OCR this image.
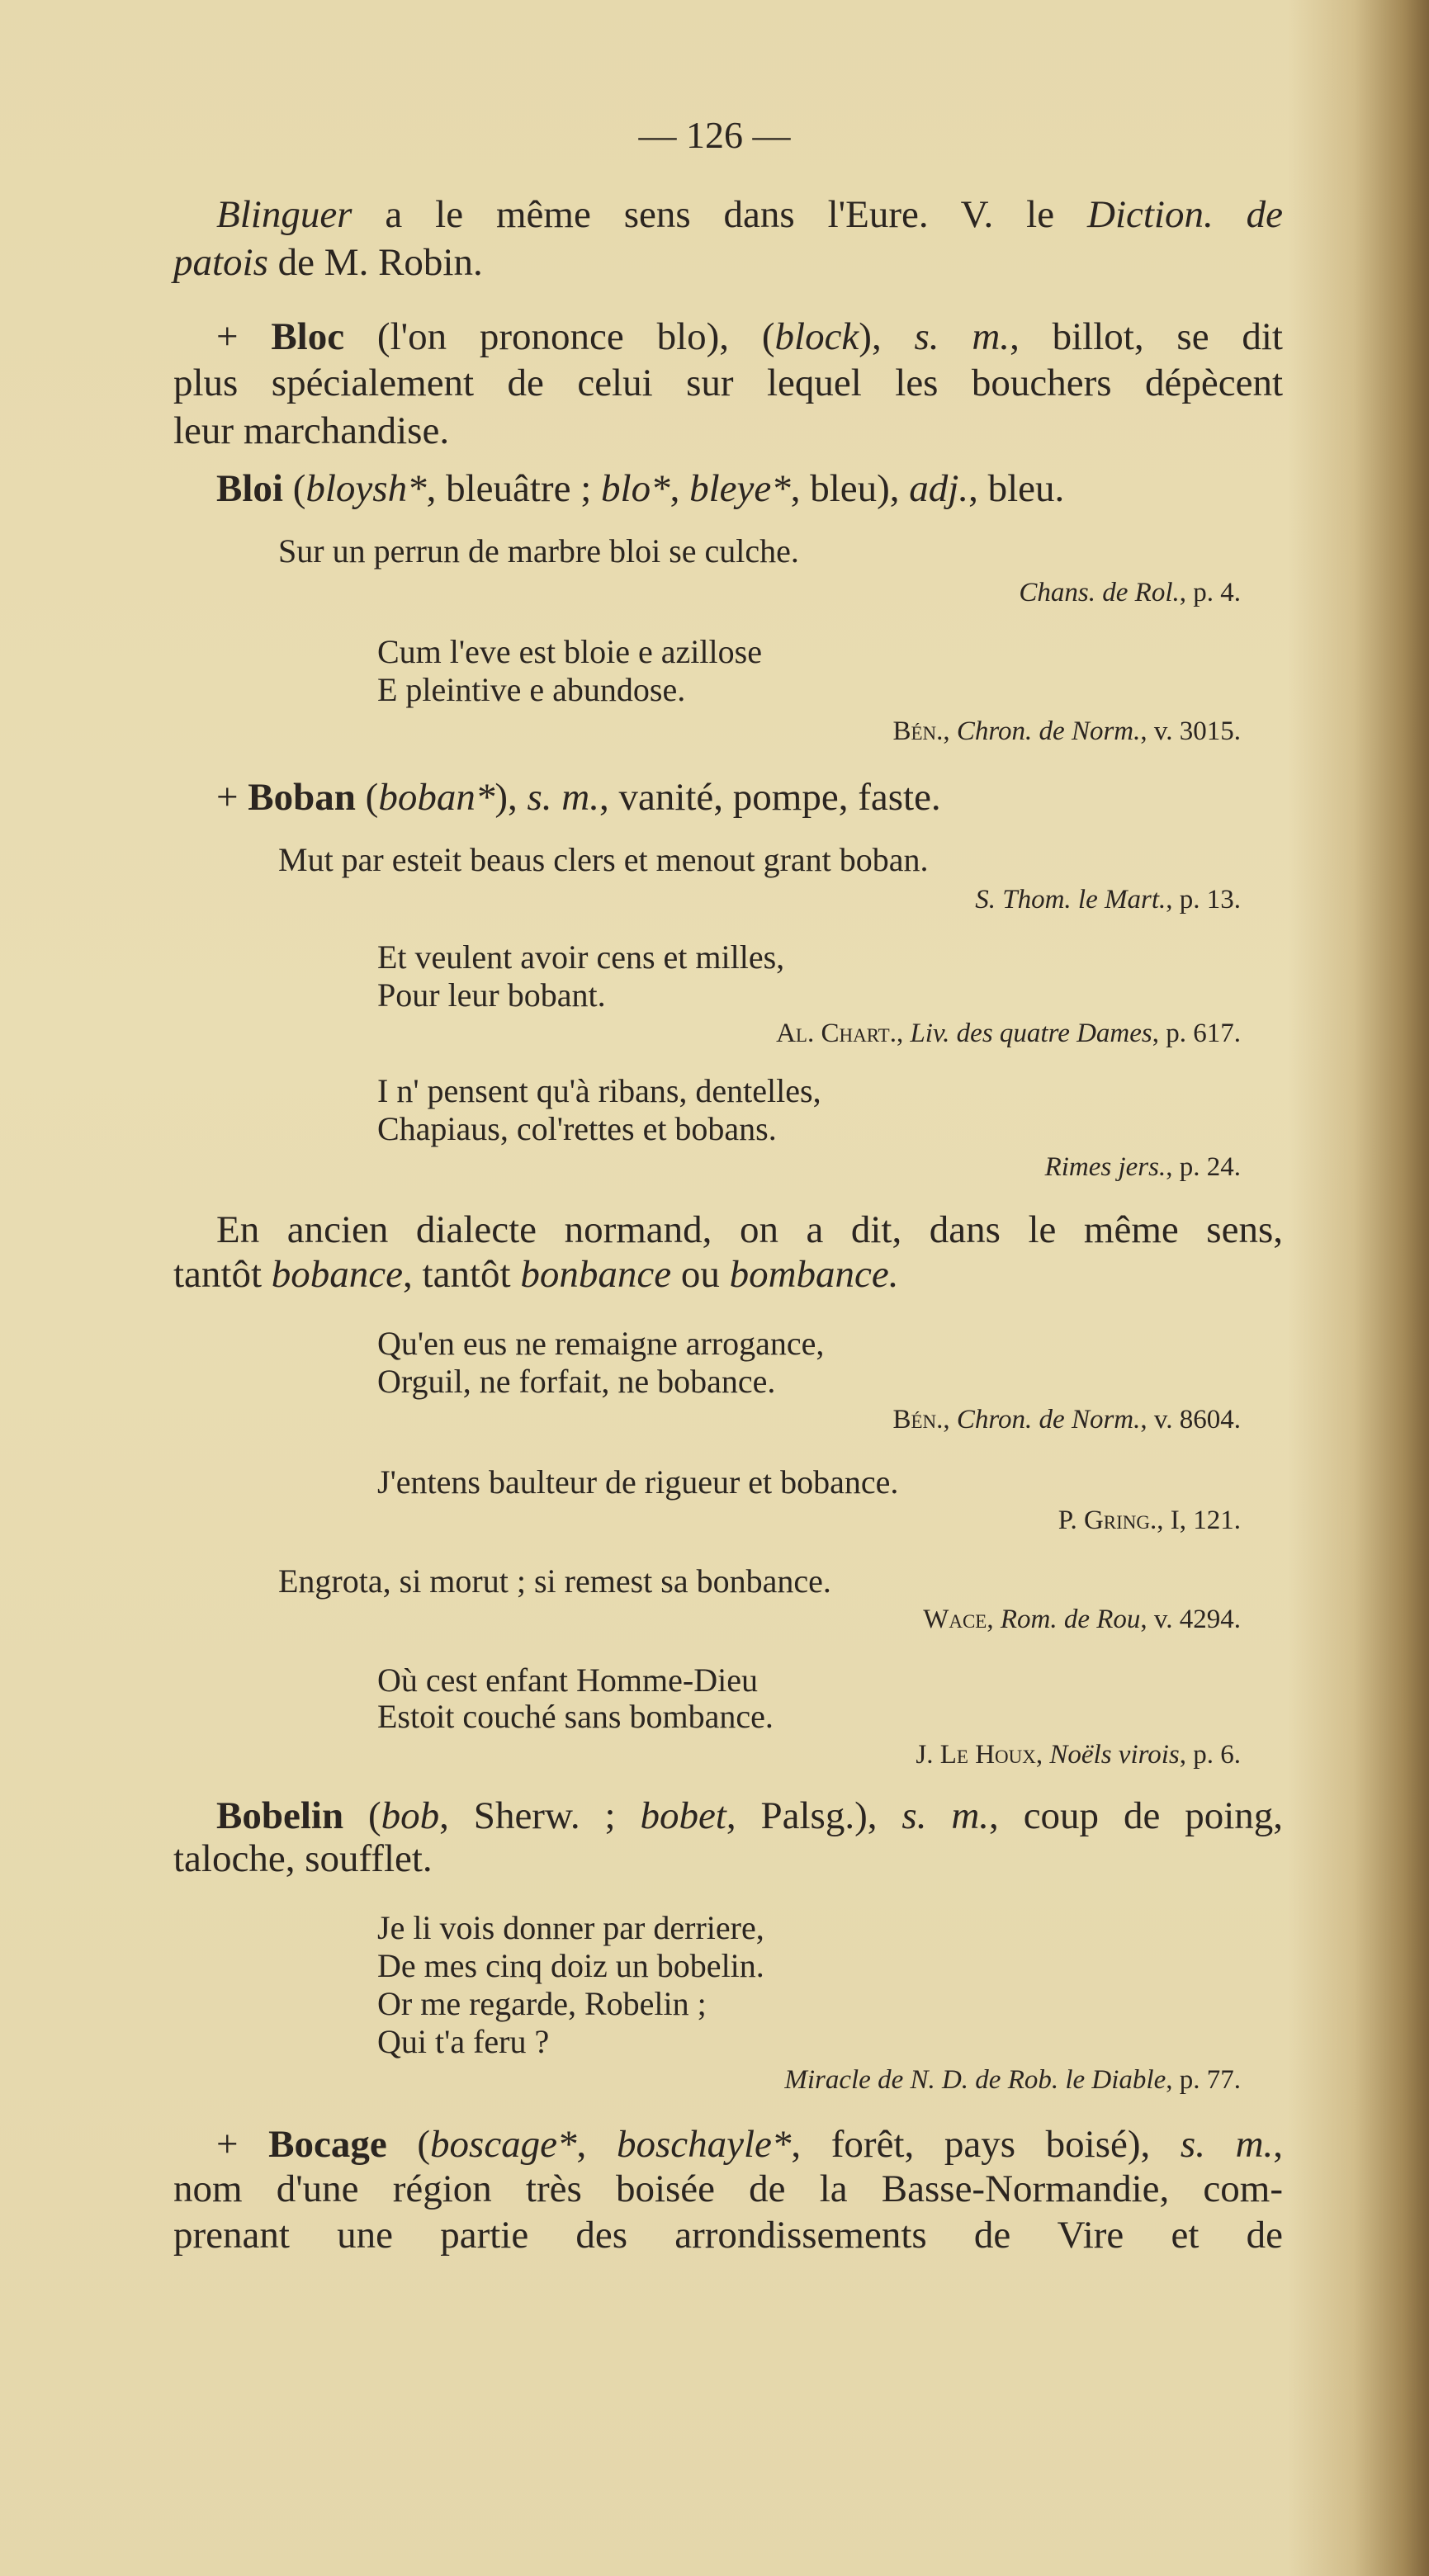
— 126 —
Blinguer a le même sens dans l'Eure. V. le Diction. de
patois de M. Robin.
+ Bloc (l'on prononce blo), (block), s. m., billot, se dit
plus spécialement de celui sur lequel les bouchers dépècent
leur marchandise.
Bloi (bloysh*, bleuâtre ; blo*, bleye*, bleu), adj., bleu.
Sur un perrun de marbre bloi se culche.
Chans. de Rol., p. 4.
Cum l'eve est bloie e azillose
E pleintive e abundose.
Bén., Chron. de Norm., v. 3015.
+ Boban (boban*), s. m., vanité, pompe, faste.
Mut par esteit beaus clers et menout grant boban.
S. Thom. le Mart., p. 13.
Et veulent avoir cens et milles,
Pour leur bobant.
Al. Chart., Liv. des quatre Dames, p. 617.
I n' pensent qu'à ribans, dentelles,
Chapiaus, col'rettes et bobans.
Rimes jers., p. 24.
En ancien dialecte normand, on a dit, dans le même sens,
tantôt bobance, tantôt bonbance ou bombance.
Qu'en eus ne remaigne arrogance,
Orguil, ne forfait, ne bobance.
Bén., Chron. de Norm., v. 8604.
J'entens baulteur de rigueur et bobance.
P. Gring., I, 121.
Engrota, si morut ; si remest sa bonbance.
Wace, Rom. de Rou, v. 4294.
Où cest enfant Homme-Dieu
Estoit couché sans bombance.
J. Le Houx, Noëls virois, p. 6.
Bobelin (bob, Sherw. ; bobet, Palsg.), s. m., coup de poing,
taloche, soufflet.
Je li vois donner par derriere,
De mes cinq doiz un bobelin.
Or me regarde, Robelin ;
Qui t'a feru ?
Miracle de N. D. de Rob. le Diable, p. 77.
+ Bocage (boscage*, boschayle*, forêt, pays boisé), s. m.,
nom d'une région très boisée de la Basse-Normandie, com-
prenant une partie des arrondissements de Vire et de
